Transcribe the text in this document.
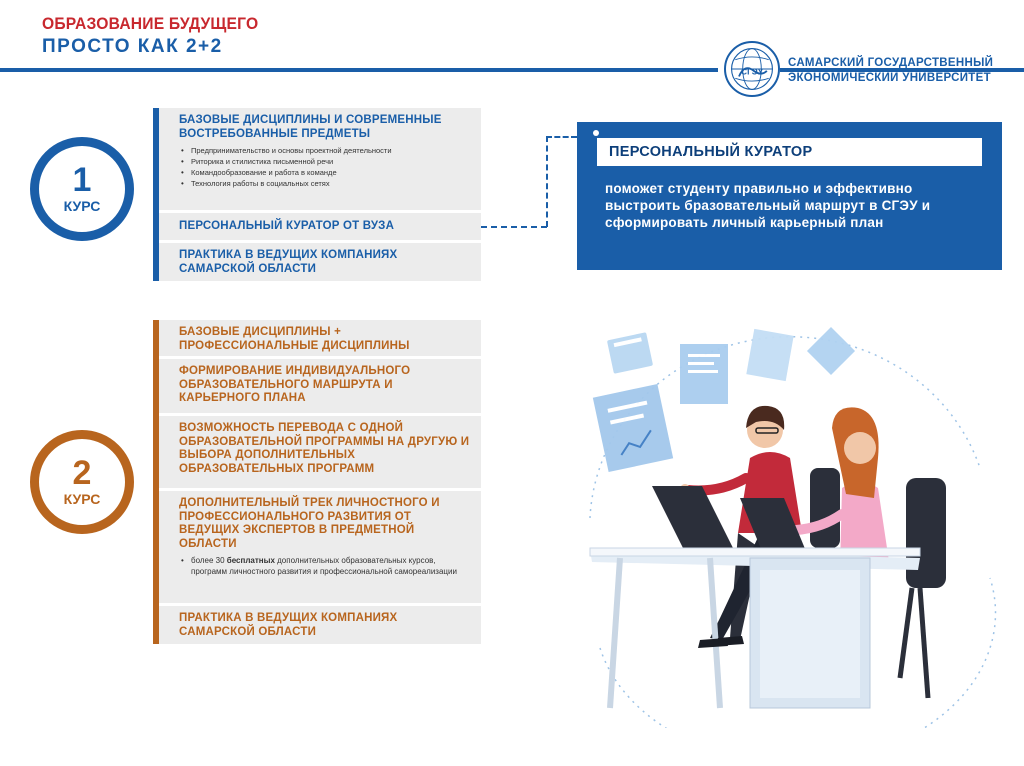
ОБРАЗОВАНИЕ БУДУЩЕГО
ПРОСТО КАК 2+2
СГЭУ
САМАРСКИЙ ГОСУДАРСТВЕННЫЙ
ЭКОНОМИЧЕСКИЙ УНИВЕРСИТЕТ
1
КУРС
БАЗОВЫЕ ДИСЦИПЛИНЫ И СОВРЕМЕННЫЕ ВОСТРЕБОВАННЫЕ ПРЕДМЕТЫ
• Предпринимательство и основы проектной деятельности
• Риторика и стилистика письменной речи
• Командообразование и работа в команде
• Технология работы в социальных сетях
ПЕРСОНАЛЬНЫЙ КУРАТОР ОТ ВУЗА
ПРАКТИКА В ВЕДУЩИХ КОМПАНИЯХ САМАРСКОЙ ОБЛАСТИ
ПЕРСОНАЛЬНЫЙ КУРАТОР
поможет студенту правильно и эффективно выстроить бразовательный маршрут в СГЭУ и сформировать личный карьерный план
2
КУРС
БАЗОВЫЕ ДИСЦИПЛИНЫ + ПРОФЕССИОНАЛЬНЫЕ ДИСЦИПЛИНЫ
ФОРМИРОВАНИЕ ИНДИВИДУАЛЬНОГО ОБРАЗОВАТЕЛЬНОГО МАРШРУТА И КАРЬЕРНОГО ПЛАНА
ВОЗМОЖНОСТЬ ПЕРЕВОДА С ОДНОЙ ОБРАЗОВАТЕЛЬНОЙ ПРОГРАММЫ НА ДРУГУЮ И ВЫБОРА ДОПОЛНИТЕЛЬНЫХ ОБРАЗОВАТЕЛЬНЫХ ПРОГРАММ
ДОПОЛНИТЕЛЬНЫЙ ТРЕК ЛИЧНОСТНОГО И ПРОФЕССИОНАЛЬНОГО РАЗВИТИЯ ОТ ВЕДУЩИХ ЭКСПЕРТОВ В ПРЕДМЕТНОЙ ОБЛАСТИ
• более 30 бесплатных дополнительных образовательных курсов, программ личностного развития и профессиональной самореализации
ПРАКТИКА В ВЕДУЩИХ КОМПАНИЯХ САМАРСКОЙ ОБЛАСТИ
